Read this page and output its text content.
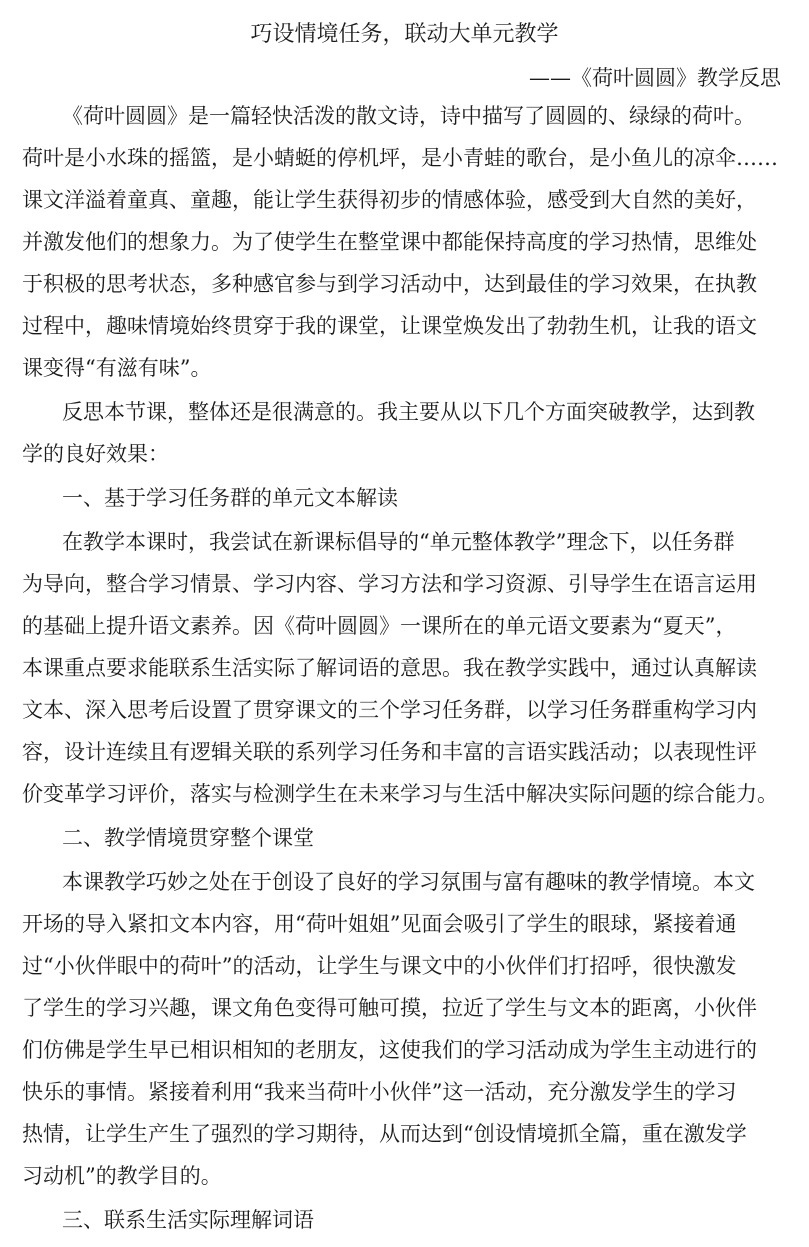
巧设情境任务，联动大单元教学
——《荷叶圆圆》教学反思

《荷叶圆圆》是一篇轻快活泼的散文诗，诗中描写了圆圆的、绿绿的荷叶。

荷叶是小水珠的摇篮，是小蜻蜓的停机坪，是小青蛙的歌台，是小鱼儿的凉伞……

课文洋溢着童真、童趣，能让学生获得初步的情感体验，感受到大自然的美好，

并激发他们的想象力。为了使学生在整堂课中都能保持高度的学习热情，思维处

于积极的思考状态，多种感官参与到学习活动中，达到最佳的学习效果，在执教

过程中，趣味情境始终贯穿于我的课堂，让课堂焕发出了勃勃生机，让我的语文

课变得“有滋有味”。

反思本节课，整体还是很满意的。我主要从以下几个方面突破教学，达到教

学的良好效果：

一、基于学习任务群的单元文本解读

在教学本课时，我尝试在新课标倡导的“单元整体教学”理念下，以任务群

为导向，整合学习情景、学习内容、学习方法和学习资源、引导学生在语言运用

的基础上提升语文素养。因《荷叶圆圆》一课所在的单元语文要素为“夏天”，

本课重点要求能联系生活实际了解词语的意思。我在教学实践中，通过认真解读

文本、深入思考后设置了贯穿课文的三个学习任务群，以学习任务群重构学习内

容，设计连续且有逻辑关联的系列学习任务和丰富的言语实践活动；以表现性评

价变革学习评价，落实与检测学生在未来学习与生活中解决实际问题的综合能力。

二、教学情境贯穿整个课堂

本课教学巧妙之处在于创设了良好的学习氛围与富有趣味的教学情境。本文

开场的导入紧扣文本内容，用“荷叶姐姐”见面会吸引了学生的眼球，紧接着通

过“小伙伴眼中的荷叶”的活动，让学生与课文中的小伙伴们打招呼，很快激发

了学生的学习兴趣，课文角色变得可触可摸，拉近了学生与文本的距离，小伙伴

们仿佛是学生早已相识相知的老朋友，这使我们的学习活动成为学生主动进行的

快乐的事情。紧接着利用“我来当荷叶小伙伴”这一活动，充分激发学生的学习

热情，让学生产生了强烈的学习期待，从而达到“创设情境抓全篇，重在激发学

习动机”的教学目的。

三、联系生活实际理解词语
